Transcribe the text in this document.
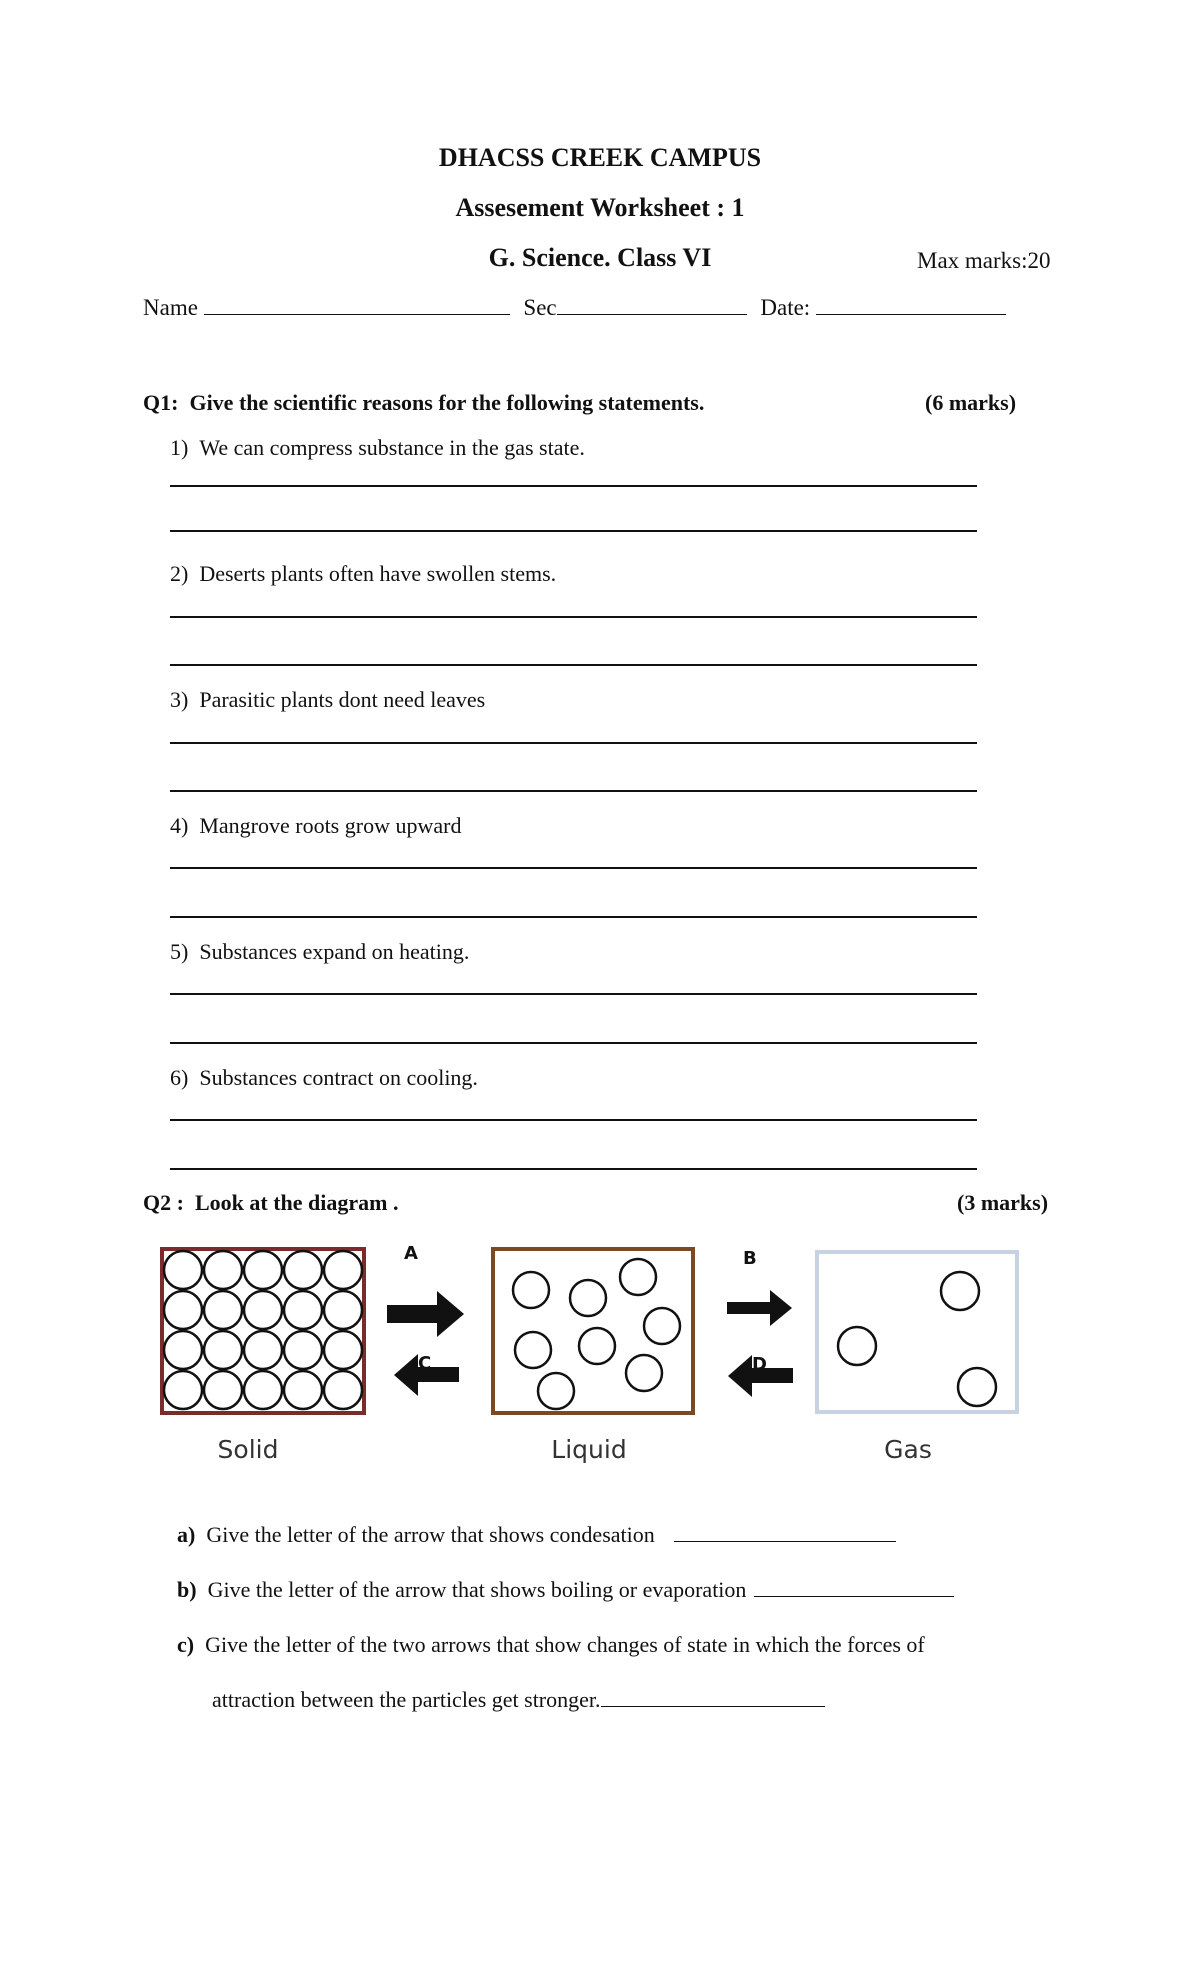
DHACSS CREEK CAMPUS
Assesement Worksheet : 1
G. Science. Class VI	Max marks:20
Name	Sec	Date:
Q1: Give the scientific reasons for the following statements.	(6 marks)
1) We can compress substance in the gas state.
2) Deserts plants often have swollen stems.
3) Parasitic plants dont need leaves
4) Mangrove roots grow upward
5) Substances expand on heating.
6) Substances contract on cooling.
Q2 : Look at the diagram .	(3 marks)
A
C
B
D
Solid	Liquid	Gas
a) Give the letter of the arrow that shows condesation
b) Give the letter of the arrow that shows boiling or evaporation
c) Give the letter of the two arrows that show changes of state in which the forces of
attraction between the particles get stronger.
